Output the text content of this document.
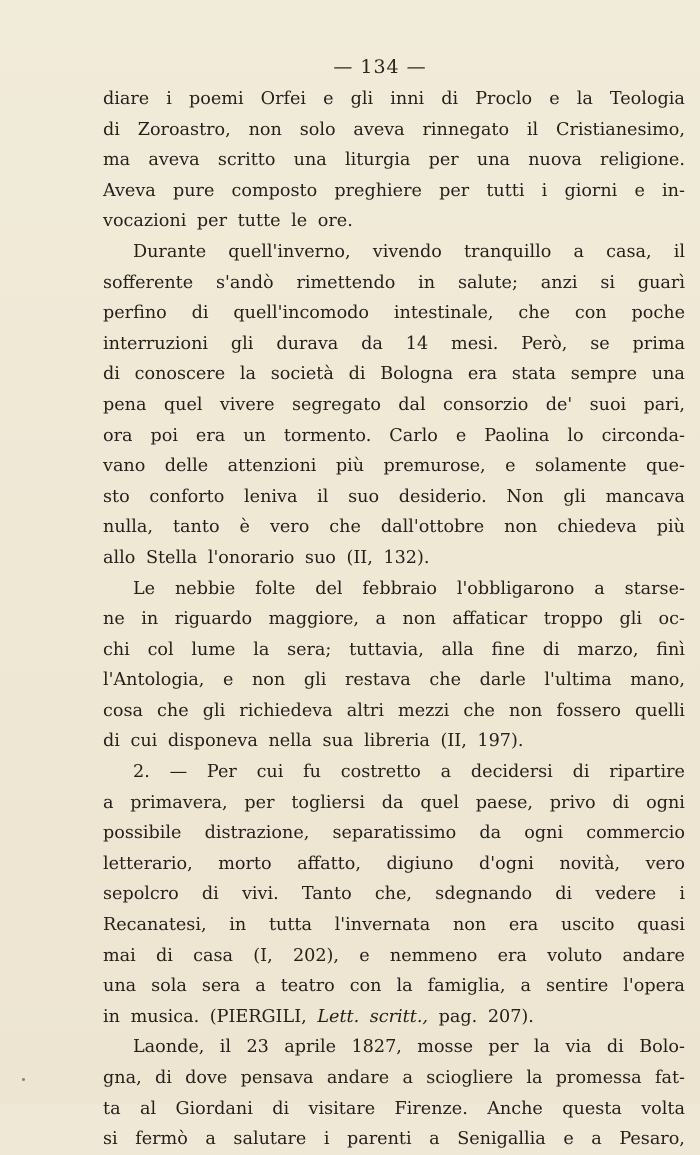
— 134 —
diare i poemi Orfei e gli inni di Proclo e la Teologia
di Zoroastro, non solo aveva rinnegato il Cristianesimo,
ma aveva scritto una liturgia per una nuova religione.
Aveva pure composto preghiere per tutti i giorni e in-
vocazioni per tutte le ore.
Durante quell'inverno, vivendo tranquillo a casa, il
sofferente s'andò rimettendo in salute; anzi si guarì
perfino di quell'incomodo intestinale, che con poche
interruzioni gli durava da 14 mesi. Però, se prima
di conoscere la società di Bologna era stata sempre una
pena quel vivere segregato dal consorzio de' suoi pari,
ora poi era un tormento. Carlo e Paolina lo circonda-
vano delle attenzioni più premurose, e solamente que-
sto conforto leniva il suo desiderio. Non gli mancava
nulla, tanto è vero che dall'ottobre non chiedeva più
allo Stella l'onorario suo (II, 132).
Le nebbie folte del febbraio l'obbligarono a starse-
ne in riguardo maggiore, a non affaticar troppo gli oc-
chi col lume la sera; tuttavia, alla fine di marzo, finì
l'Antologia, e non gli restava che darle l'ultima mano,
cosa che gli richiedeva altri mezzi che non fossero quelli
di cui disponeva nella sua libreria (II, 197).
2. — Per cui fu costretto a decidersi di ripartire
a primavera, per togliersi da quel paese, privo di ogni
possibile distrazione, separatissimo da ogni commercio
letterario, morto affatto, digiuno d'ogni novità, vero
sepolcro di vivi. Tanto che, sdegnando di vedere i
Recanatesi, in tutta l'invernata non era uscito quasi
mai di casa (I, 202), e nemmeno era voluto andare
una sola sera a teatro con la famiglia, a sentire l'opera
in musica. (PIERGILI, Lett. scritt., pag. 207).
Laonde, il 23 aprile 1827, mosse per la via di Bolo-
gna, di dove pensava andare a sciogliere la promessa fat-
ta al Giordani di visitare Firenze. Anche questa volta
si fermò a salutare i parenti a Senigallia e a Pesaro,
